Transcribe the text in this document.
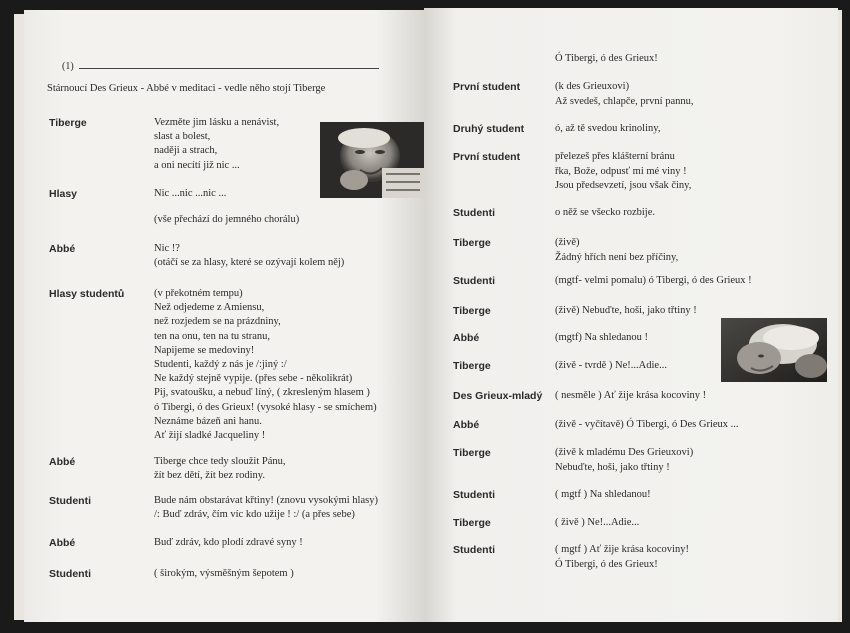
(1)
Stárnoucí Des Grieux - Abbé v meditaci - vedle něho stojí Tiberge
Tiberge	Vezměte jim lásku a nenávist,
slast a bolest,
naději a strach,
a oni necítí již nic ...
Hlasy	Nic ...nic ...nic ...
(vše přechází do jemného chorálu)
Abbé	Nic !?
(otáčí se za hlasy, které se ozývají kolem něj)
Hlasy studentů	(v překotném tempu)
Než odjedeme z Amiensu,
než rozjedem se na prázdniny,
ten na onu, ten na tu stranu,
Napijeme se medoviny!
Studenti, každý z nás je /:jiný :/
Ne každý stejně vypije. (přes sebe - několikrát)
Pij, svatoušku, a nebuď líný, ( zkresleným hlasem )
ó Tibergi, ó des Grieux! (vysoké hlasy - se smíchem)
Neznáme bázeň ani hanu.
Ať žijí sladké Jacqueliny !
Abbé	Tiberge chce tedy sloužit Pánu,
žít bez dětí, žít bez rodiny.
Studenti	Bude nám obstarávat křtiny! (znovu vysokými hlasy)
/: Buď zdráv, čím víc kdo užije ! :/ (a přes sebe)
Abbé	Buď zdráv, kdo plodí zdravé syny !
Studenti	( širokým, výsměšným šepotem )
Ó Tibergi, ó des Grieux!
První student	(k des Grieuxovi)
Až svedeš, chlapče, první pannu,
Druhý student	ó, až tě svedou krinoliny,
První student	přelezeš přes klášterní bránu
řka, Bože, odpusť mi mé viny !
Jsou předsevzetí, jsou však činy,
Studenti	o něž se všecko rozbije.
Tiberge	(živě)
Žádný hřích není bez příčiny,
Studenti	(mgtf- velmi pomalu) ó Tibergi, ó des Grieux !
Tiberge	(živě) Nebuďte, hoši, jako třtiny !
Abbé	(mgtf) Na shledanou !
Tiberge	(živě - tvrdě ) Ne!...Adie...
Des Grieux-mladý ( nesměle ) Ať žije krása kocoviny !
Abbé	(živě - vyčítavě) Ó Tibergi, ó Des Grieux ...
Tiberge	(živě k mladému Des Grieuxovi)
Nebuďte, hoši, jako třtiny !
Studenti	( mgtf ) Na shledanou!
Tiberge	( živě ) Ne!...Adie...
Studenti	( mgtf ) Ať žije krása kocoviny!
Ó Tibergi, ó des Grieux!
